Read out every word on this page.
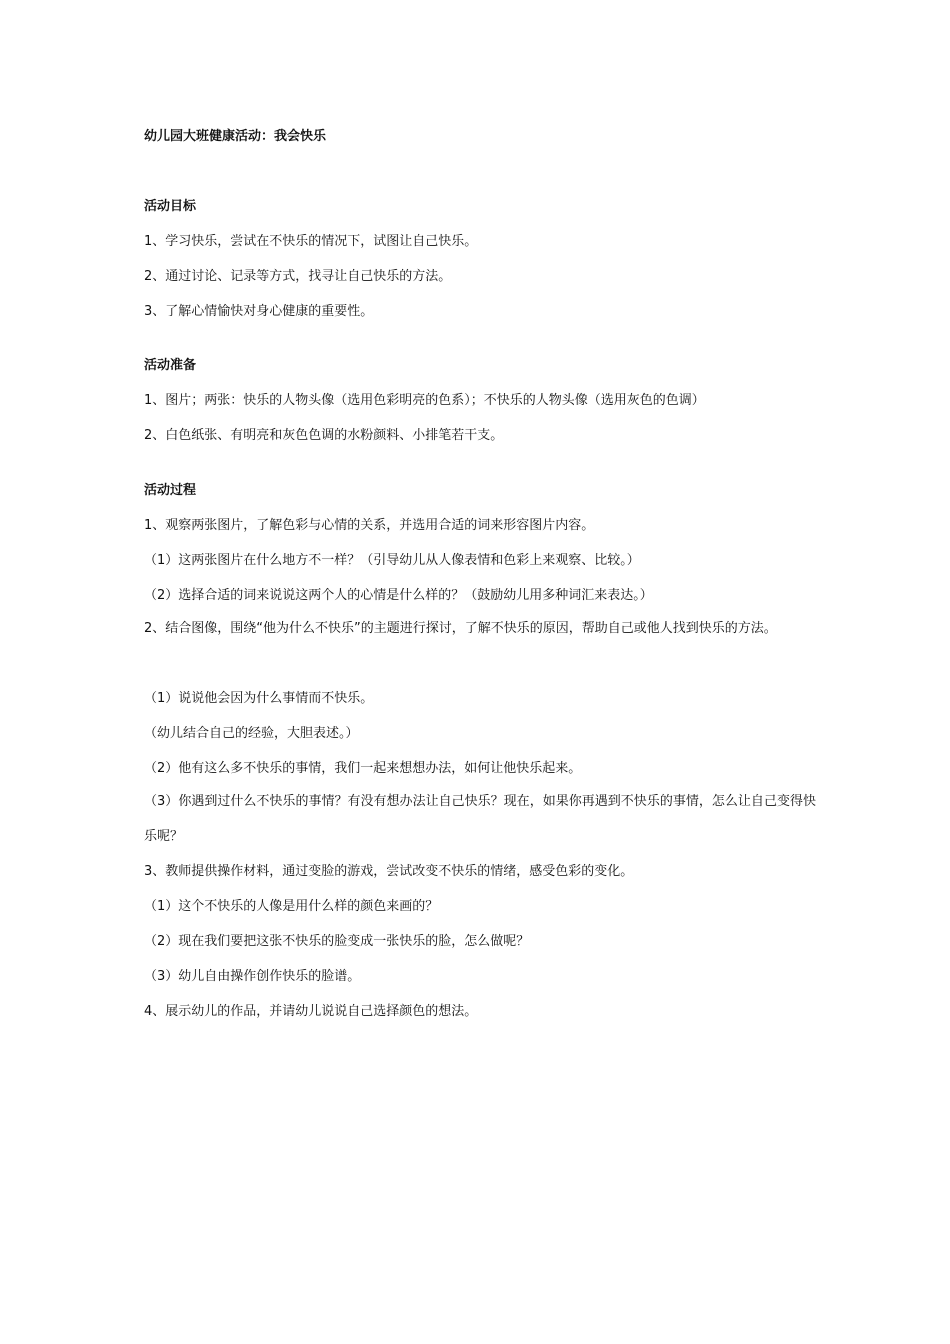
幼儿园大班健康活动：我会快乐
活动目标
1、学习快乐，尝试在不快乐的情况下，试图让自己快乐。
2、通过讨论、记录等方式，找寻让自己快乐的方法。
3、了解心情愉快对身心健康的重要性。
活动准备
1、图片；两张：快乐的人物头像（选用色彩明亮的色系）；不快乐的人物头像（选用灰色的色调）
2、白色纸张、有明亮和灰色色调的水粉颜料、小排笔若干支。
活动过程
1、观察两张图片，了解色彩与心情的关系，并选用合适的词来形容图片内容。
（1）这两张图片在什么地方不一样？（引导幼儿从人像表情和色彩上来观察、比较。）
（2）选择合适的词来说说这两个人的心情是什么样的？（鼓励幼儿用多种词汇来表达。）
2、结合图像，围绕“他为什么不快乐”的主题进行探讨，了解不快乐的原因，帮助自己或他人找到快乐的方法。
（1）说说他会因为什么事情而不快乐。
（幼儿结合自己的经验，大胆表述。）
（2）他有这么多不快乐的事情，我们一起来想想办法，如何让他快乐起来。
（3）你遇到过什么不快乐的事情？有没有想办法让自己快乐？现在，如果你再遇到不快乐的事情，怎么让自己变得快乐呢？
3、教师提供操作材料，通过变脸的游戏，尝试改变不快乐的情绪，感受色彩的变化。
（1）这个不快乐的人像是用什么样的颜色来画的？
（2）现在我们要把这张不快乐的脸变成一张快乐的脸，怎么做呢？
（3）幼儿自由操作创作快乐的脸谱。
4、展示幼儿的作品，并请幼儿说说自己选择颜色的想法。
